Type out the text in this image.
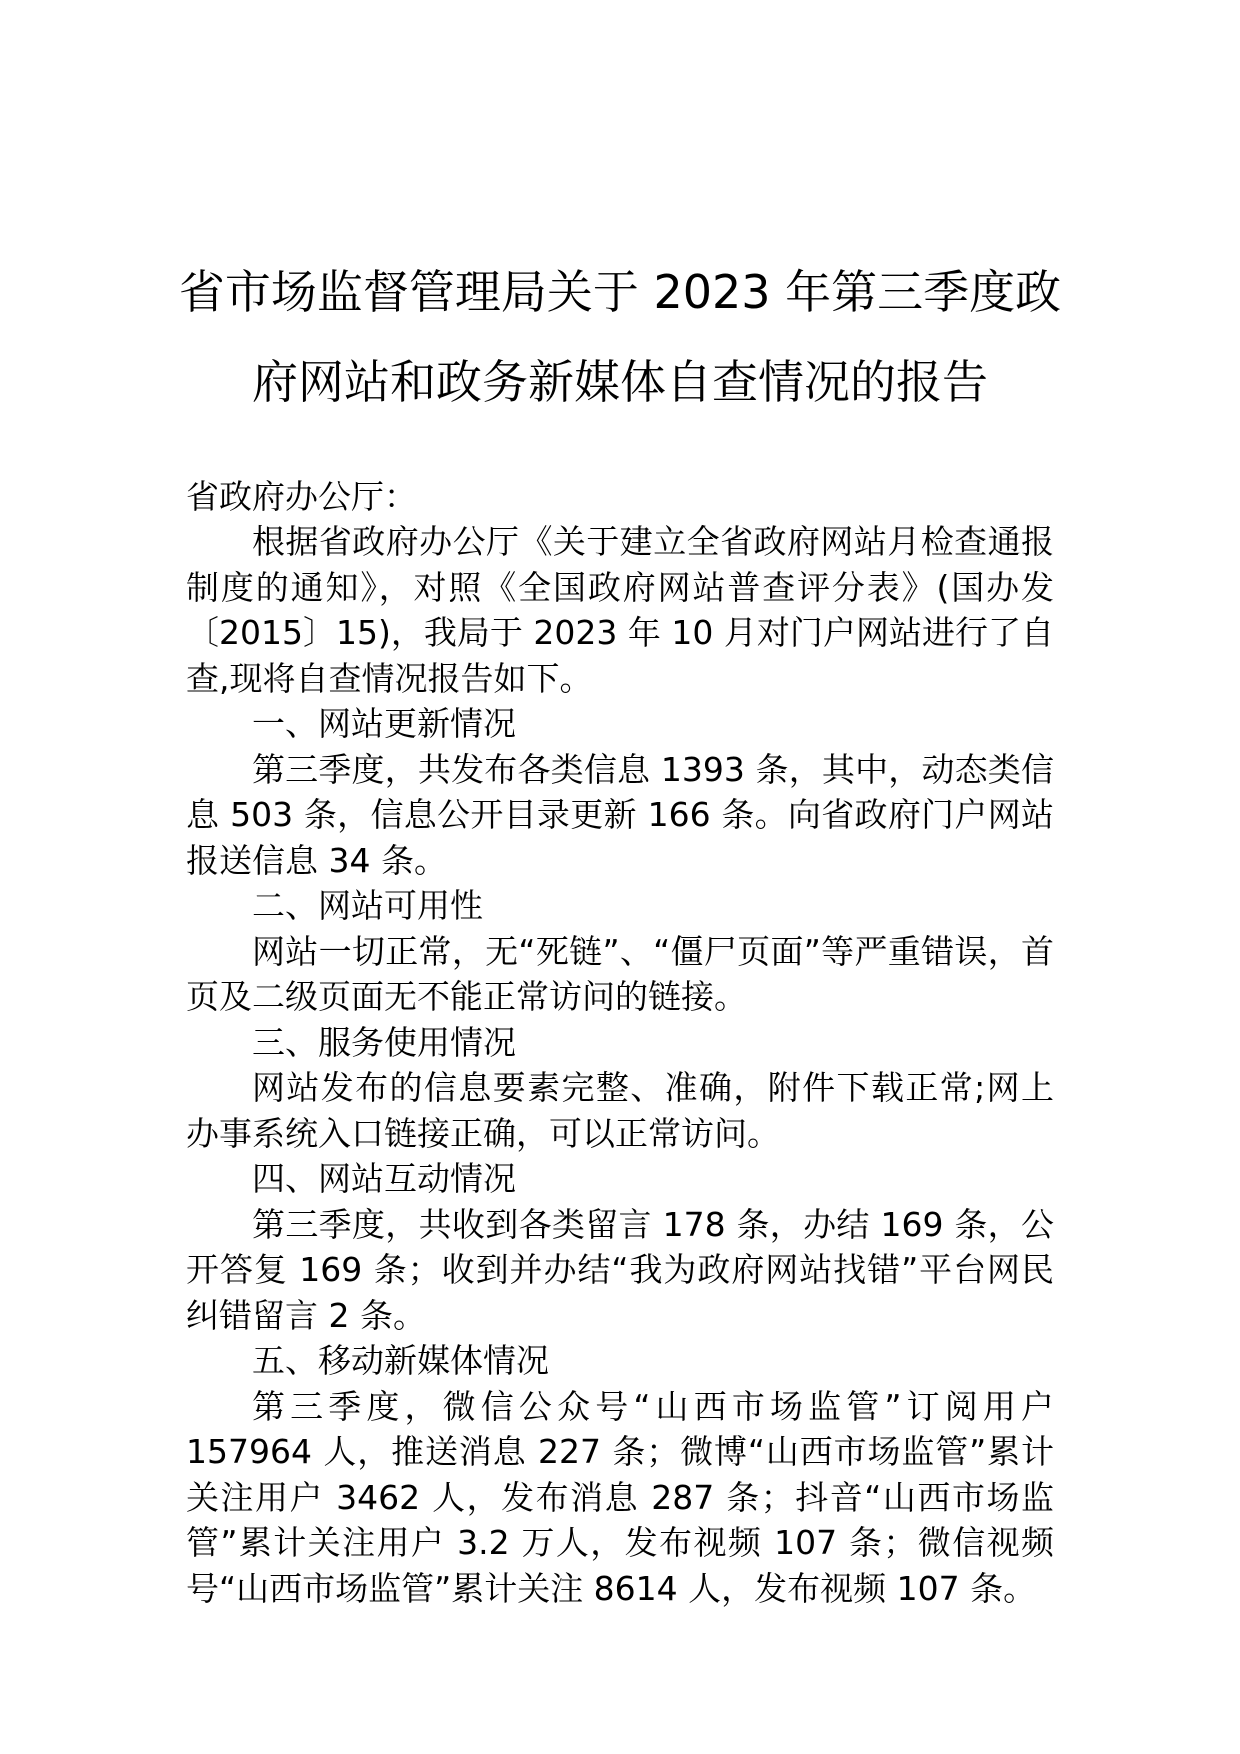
省市场监督管理局关于 2023 年第三季度政
府网站和政务新媒体自查情况的报告
省政府办公厅：

根据省政府办公厅《关于建立全省政府网站月检查通报制度的通知》，对照《全国政府网站普查评分表》(国办发〔2015〕15)，我局于 2023 年 10 月对门户网站进行了自查,现将自查情况报告如下。

一、网站更新情况

第三季度，共发布各类信息 1393 条，其中，动态类信息 503 条，信息公开目录更新 166 条。向省政府门户网站报送信息 34 条。

二、网站可用性

网站一切正常，无“死链”、“僵尸页面”等严重错误，首页及二级页面无不能正常访问的链接。

三、服务使用情况

网站发布的信息要素完整、准确，附件下载正常;网上办事系统入口链接正确，可以正常访问。

四、网站互动情况

第三季度，共收到各类留言 178 条，办结 169 条，公开答复 169 条；收到并办结“我为政府网站找错”平台网民纠错留言 2 条。

五、移动新媒体情况

第三季度，微信公众号“山西市场监管”订阅用户 157964 人，推送消息 227 条；微博“山西市场监管”累计关注用户 3462 人，发布消息 287 条；抖音“山西市场监管”累计关注用户 3.2 万人，发布视频 107 条；微信视频号“山西市场监管”累计关注 8614 人，发布视频 107 条。
